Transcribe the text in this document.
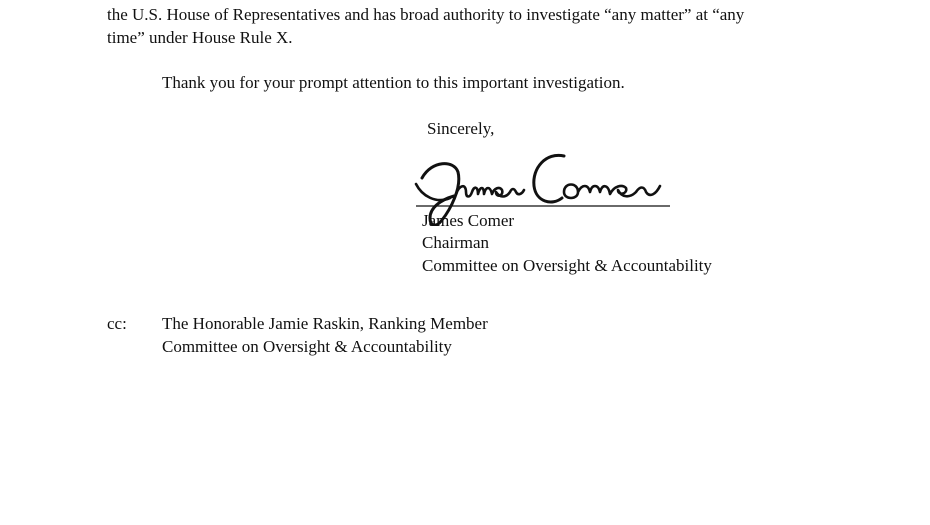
the U.S. House of Representatives and has broad authority to investigate “any matter” at “any
time” under House Rule X.
Thank you for your prompt attention to this important investigation.
Sincerely,
James Comer
Chairman
Committee on Oversight & Accountability
cc: The Honorable Jamie Raskin, Ranking Member
Committee on Oversight & Accountability
